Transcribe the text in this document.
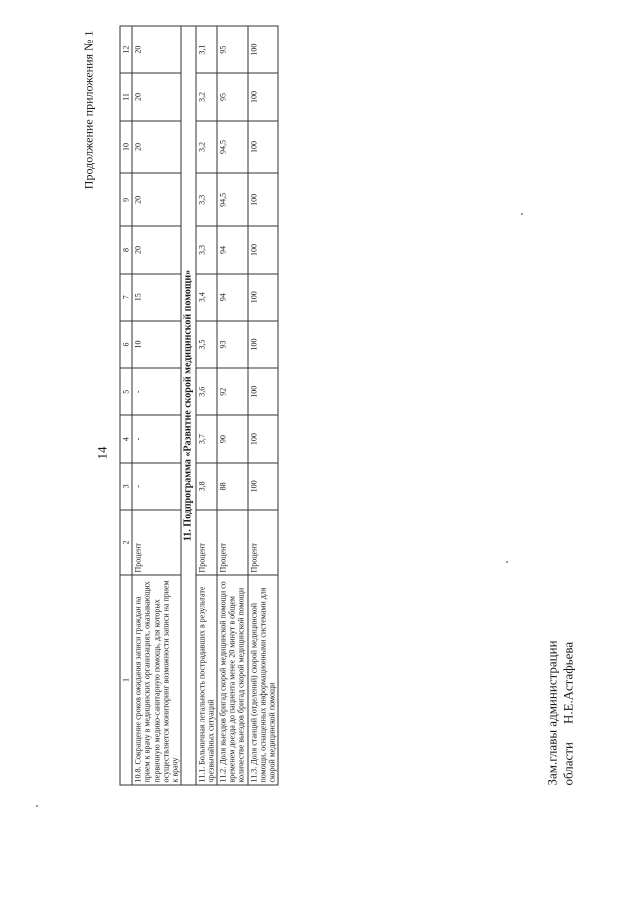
14
Продолжение приложения № 1
1	2	3	4	5	6	7	8	9	10	11	12
10.8. Сокращение сроков ожидания записи граждан на прием к врачу в медицинских организациях, оказывающих первичную медико-санитарную помощь, для которых осуществляется мониторинг возможности записи на прием к врачу	Процент	-	-	-	10	15	20	20	20	20	20
11. Подпрограмма «Развитие скорой медицинской помощи»											
11.1. Больничная летальность пострадавших в результате чрезвычайных ситуаций	Процент	3,8	3,7	3,6	3,5	3,4	3,3	3,3	3,2	3,2	3,1
11.2. Доля выездов бригад скорой медицинской помощи со временем доезда до пациента менее 20 минут в общем количестве выездов бригад скорой медицинской помощи	Процент	88	90	92	93	94	94	94,5	94,5	95	95
11.3. Доля станций (отделений) скорой медицинской помощи, оснащенных информационными системами для скорой медицинской помощи	Процент	100	100	100	100	100	100	100	100	100	100
Зам.главы администрации области
Н.Е.Астафьева
